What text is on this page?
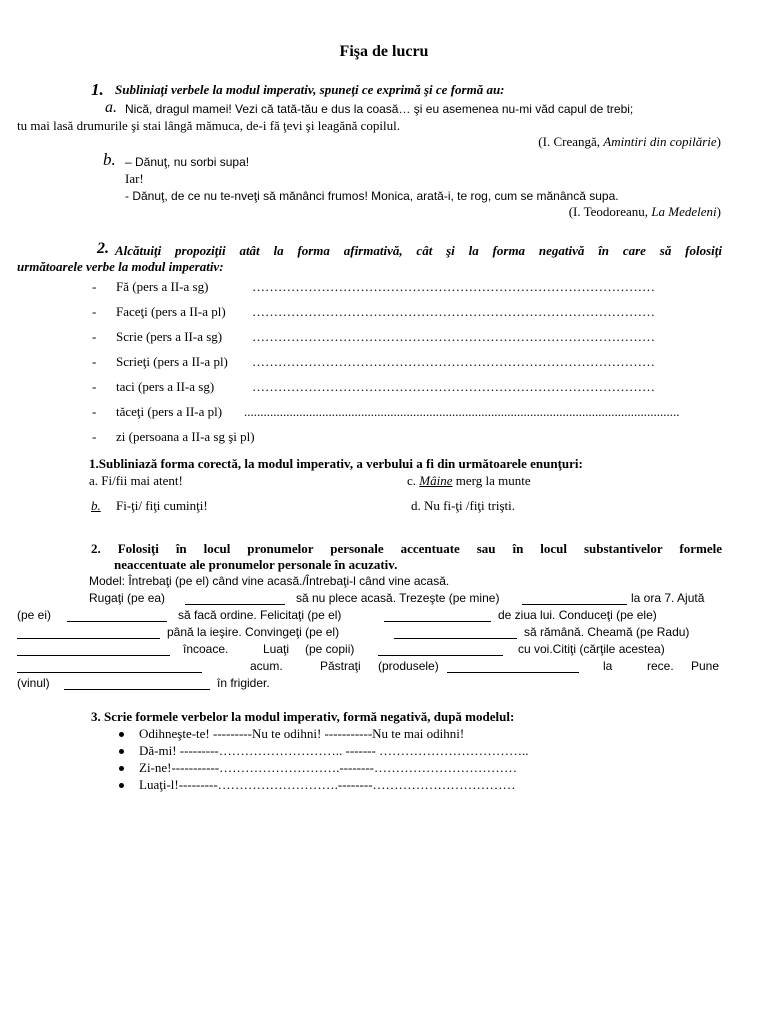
Fişa de lucru
1. Subliniaţi verbele la modul imperativ, spuneţi ce exprimă şi ce formă au:
a. Nică, dragul mamei! Vezi că tată-tău e dus la coasă… şi eu asemenea nu-mi văd capul de trebi;
tu mai lasă drumurile şi stai lângă mămuca, de-i fă ţevi şi leagănă copilul.
(I. Creangă, Amintiri din copilărie)
b. – Dănuţ, nu sorbi supa!
Iar!
- Dănuţ, de ce nu te-nveţi să mănânci frumos! Monica, arată-i, te rog, cum se mănâncă supa.
(I. Teodoreanu, La Medeleni)
2. Alcătuiţi propoziţii atât la forma afirmativă, cât şi la forma negativă în care să folosiţi
următoarele verbe la modul imperativ:
- Fă (pers a II-a sg)	…………………………………………………………………………………
- Faceţi (pers a II-a pl) …………………………………………………………………………………
- Scrie (pers a II-a sg) …………………………………………………………………………………
- Scrieţi (pers a II-a pl) …………………………………………………………………………………
- taci (pers a II-a sg)	…………………………………………………………………………………
- tăceţi (pers a II-a pl) ......................................................................................................................................
- zi (persoana a II-a sg şi pl)
1.Subliniază forma corectă, la modul imperativ, a verbului a fi din următoarele enunţuri:
a. Fi/fii mai atent!	c. Mâine merg la munte
b. Fi-ţi/ fiţi cuminţi!	d. Nu fi-ţi /fiţi trişti.
2. Folosiţi în locul pronumelor personale accentuate sau în locul substantivelor formele
neaccentuate ale pronumelor personale în acuzativ.
Model: Întrebaţi (pe el) când vine acasă./Întrebaţi-l când vine acasă.
Rugaţi (pe ea)	să nu plece acasă. Trezeşte (pe mine)	la ora 7. Ajută
(pe ei)	să facă ordine. Felicitaţi (pe el)	de ziua lui. Conduceţi (pe ele)
până la ieşire. Convingeţi (pe el)	să rămână. Cheamă (pe Radu)
încoace.	Luaţi (pe copii)	cu voi.Citiţi (cărţile acestea)
acum.	Păstraţi (produsele)	la	rece. Pune
(vinul)	în frigider.
3. Scrie formele verbelor la modul imperativ, formă negativă, după modelul:
Odihneşte-te! ---------Nu te odihni! -----------Nu te mai odihni!
Dă-mi! ---------……………………….. ------- ……………………………..
Zi-ne!-----------……………………….--------……………………………
Luaţi-l!---------……………………….--------……………………………
